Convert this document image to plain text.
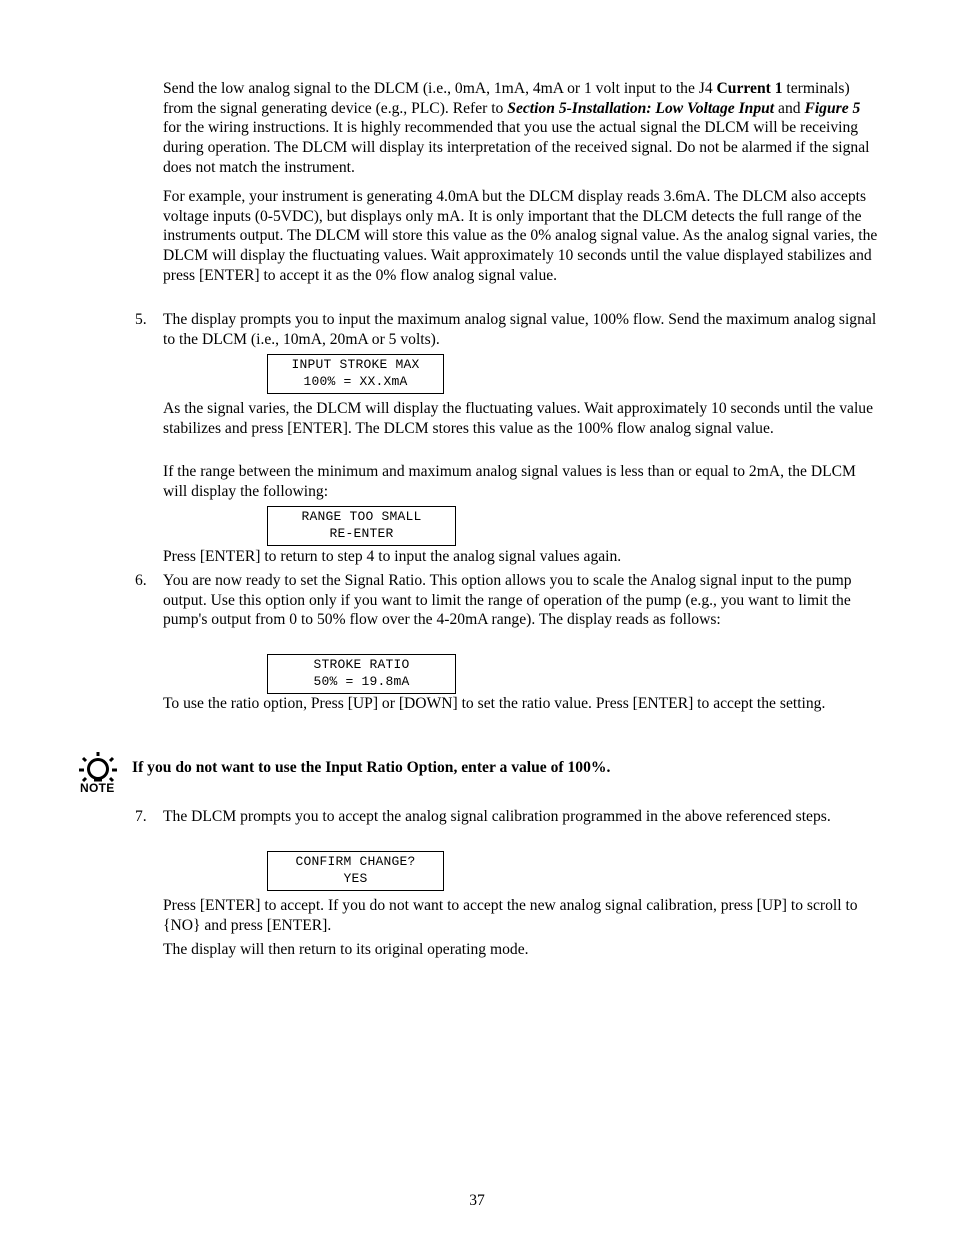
Send the low analog signal to the DLCM (i.e., 0mA, 1mA, 4mA or 1 volt input to the J4 Current 1 terminals) from the signal generating device (e.g., PLC). Refer to Section 5-Installation: Low Voltage Input and Figure 5 for the wiring instructions. It is highly recommended that you use the actual signal the DLCM will be receiving during operation. The DLCM will display its interpretation of the received signal. Do not be alarmed if the signal does not match the instrument.

For example, your instrument is generating 4.0mA but the DLCM display reads 3.6mA. The DLCM also accepts voltage inputs (0-5VDC), but displays only mA. It is only important that the DLCM detects the full range of the instruments output. The DLCM will store this value as the 0% analog signal value. As the analog signal varies, the DLCM will display the fluctuating values. Wait approximately 10 seconds until the value displayed stabilizes and press [ENTER] to accept it as the 0% flow analog signal value.

5. The display prompts you to input the maximum analog signal value, 100% flow. Send the maximum analog signal to the DLCM (i.e., 10mA, 20mA or 5 volts).

INPUT STROKE MAX
100% = XX.XmA

As the signal varies, the DLCM will display the fluctuating values. Wait approximately 10 seconds until the value stabilizes and press [ENTER]. The DLCM stores this value as the 100% flow analog signal value.

If the range between the minimum and maximum analog signal values is less than or equal to 2mA, the DLCM will display the following:

RANGE TOO SMALL
RE-ENTER

Press [ENTER] to return to step 4 to input the analog signal values again.

6. You are now ready to set the Signal Ratio. This option allows you to scale the Analog signal input to the pump output. Use this option only if you want to limit the range of operation of the pump (e.g., you want to limit the pump's output from 0 to 50% flow over the 4-20mA range). The display reads as follows:

STROKE RATIO
50% = 19.8mA

To use the ratio option, Press [UP] or [DOWN] to set the ratio value. Press [ENTER] to accept the setting.

NOTE
If you do not want to use the Input Ratio Option, enter a value of 100%.
7. The DLCM prompts you to accept the analog signal calibration programmed in the above referenced steps.

CONFIRM CHANGE?
YES

Press [ENTER] to accept. If you do not want to accept the new analog signal calibration, press [UP] to scroll to {NO} and press [ENTER].

The display will then return to its original operating mode.

37
